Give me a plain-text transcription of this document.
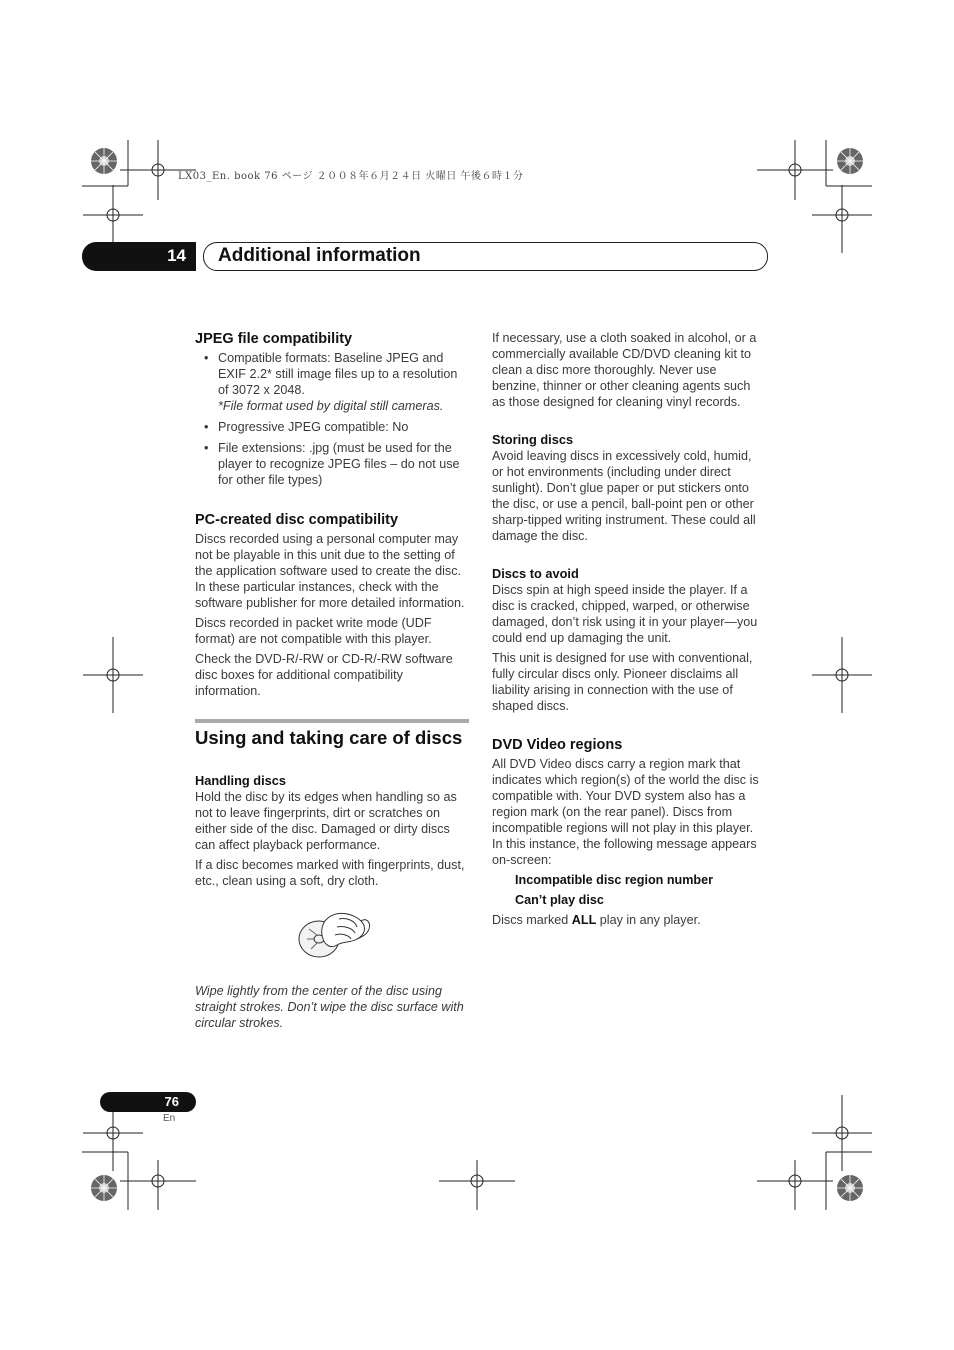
LX03_En. book 76 ページ ２００８年６月２４日 火曜日 午後６時１分
14 Additional information
JPEG file compatibility
• Compatible formats: Baseline JPEG and EXIF 2.2* still image files up to a resolution of 3072 x 2048.
*File format used by digital still cameras.
• Progressive JPEG compatible: No
• File extensions: .jpg (must be used for the player to recognize JPEG files – do not use for other file types)
PC-created disc compatibility

Discs recorded using a personal computer may not be playable in this unit due to the setting of the application software used to create the disc. In these particular instances, check with the software publisher for more detailed information.

Discs recorded in packet write mode (UDF format) are not compatible with this player.

Check the DVD-R/-RW or CD-R/-RW software disc boxes for additional compatibility information.

Using and taking care of discs
Handling discs

Hold the disc by its edges when handling so as not to leave fingerprints, dirt or scratches on either side of the disc. Damaged or dirty discs can affect playback performance.

If a disc becomes marked with fingerprints, dust, etc., clean using a soft, dry cloth.

Wipe lightly from the center of the disc using straight strokes. Don’t wipe the disc surface with circular strokes.

If necessary, use a cloth soaked in alcohol, or a commercially available CD/DVD cleaning kit to clean a disc more thoroughly. Never use benzine, thinner or other cleaning agents such as those designed for cleaning vinyl records.

Storing discs

Avoid leaving discs in excessively cold, humid, or hot environments (including under direct sunlight). Don’t glue paper or put stickers onto the disc, or use a pencil, ball-point pen or other sharp-tipped writing instrument. These could all damage the disc.

Discs to avoid

Discs spin at high speed inside the player. If a disc is cracked, chipped, warped, or otherwise damaged, don’t risk using it in your player—you could end up damaging the unit.

This unit is designed for use with conventional, fully circular discs only. Pioneer disclaims all liability arising in connection with the use of shaped discs.

DVD Video regions

All DVD Video discs carry a region mark that indicates which region(s) of the world the disc is compatible with. Your DVD system also has a region mark (on the rear panel). Discs from incompatible regions will not play in this player. In this instance, the following message appears on-screen:

Incompatible disc region number
Can’t play disc

Discs marked ALL play in any player.

76
En
